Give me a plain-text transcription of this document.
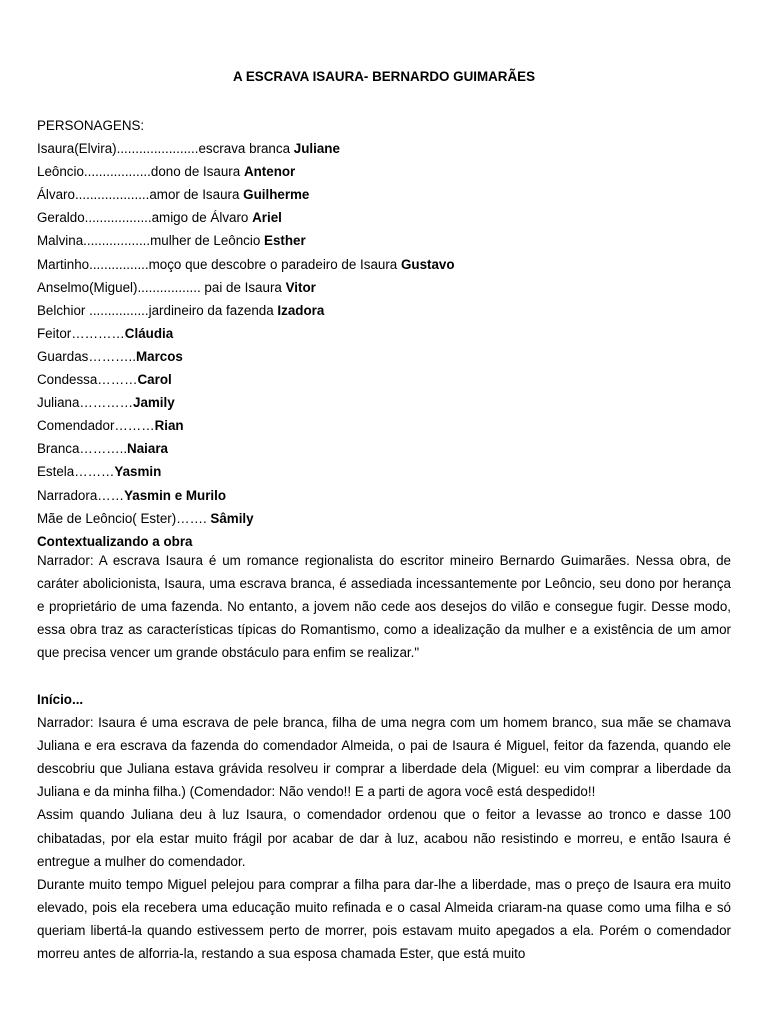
A ESCRAVA ISAURA- BERNARDO GUIMARÃES
PERSONAGENS:
Isaura(Elvira)......................escrava branca Juliane
Leôncio..................dono de Isaura Antenor
Álvaro....................amor de Isaura Guilherme
Geraldo..................amigo de Álvaro Ariel
Malvina..................mulher de Leôncio Esther
Martinho................moço que descobre o paradeiro de Isaura Gustavo
Anselmo(Miguel)................. pai de Isaura Vitor
Belchior ................jardineiro da fazenda Izadora
Feitor…………Cláudia
Guardas………..Marcos
Condessa………Carol
Juliana…………Jamily
Comendador………Rian
Branca………..Naiara
Estela………Yasmin
Narradora……Yasmin e Murilo
Mãe de Leôncio( Ester)……. Sâmily
Contextualizando a obra

Narrador: A escrava Isaura é um romance regionalista do escritor mineiro Bernardo Guimarães. Nessa obra, de caráter abolicionista, Isaura, uma escrava branca, é assediada incessantemente por Leôncio, seu dono por herança e proprietário de uma fazenda. No entanto, a jovem não cede aos desejos do vilão e consegue fugir. Desse modo, essa obra traz as características típicas do Romantismo, como a idealização da mulher e a existência de um amor que precisa vencer um grande obstáculo para enfim se realizar."

Início...

Narrador: Isaura é uma escrava de pele branca, filha de uma negra com um homem branco, sua mãe se chamava Juliana e era escrava da fazenda do comendador Almeida, o pai de Isaura é Miguel, feitor da fazenda, quando ele descobriu que Juliana estava grávida resolveu ir comprar a liberdade dela (Miguel: eu vim comprar a liberdade da Juliana e da minha filha.) (Comendador: Não vendo!! E a parti de agora você está despedido!!

Assim quando Juliana deu à luz Isaura, o comendador ordenou que o feitor a levasse ao tronco e dasse 100 chibatadas, por ela estar muito frágil por acabar de dar à luz, acabou não resistindo e morreu, e então Isaura é entregue a mulher do comendador.

Durante muito tempo Miguel pelejou para comprar a filha para dar-lhe a liberdade, mas o preço de Isaura era muito elevado, pois ela recebera uma educação muito refinada e o casal Almeida criaram-na quase como uma filha e só queriam libertá-la quando estivessem perto de morrer, pois estavam muito apegados a ela. Porém o comendador morreu antes de alforria-la, restando a sua esposa chamada Ester, que está muito
